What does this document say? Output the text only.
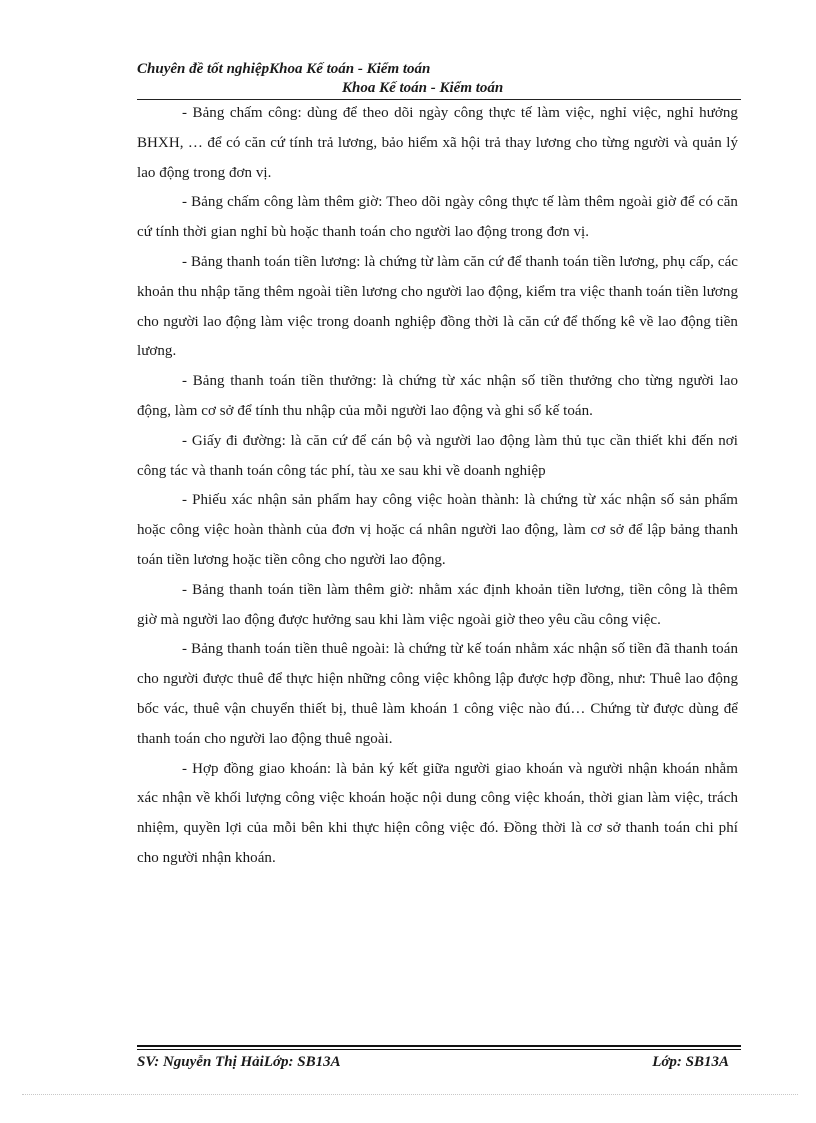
Chuyên đề tốt nghiệpKhoa Kế toán - Kiểm toán
Khoa Kế toán - Kiểm toán

- Bảng chấm công: dùng để theo dõi ngày công thực tế làm việc, nghỉ việc, nghỉ hưởng BHXH, … để có căn cứ tính trả lương, bảo hiểm xã hội trả thay lương cho từng người và quản lý lao động trong đơn vị.

- Bảng chấm công làm thêm giờ: Theo dõi ngày công thực tế làm thêm ngoài giờ để có căn cứ tính thời gian nghỉ bù hoặc thanh toán cho người lao động trong đơn vị.

- Bảng thanh toán tiền lương: là chứng từ làm căn cứ để thanh toán tiền lương, phụ cấp, các khoản thu nhập tăng thêm ngoài tiền lương cho người lao động, kiểm tra việc thanh toán tiền lương cho người lao động làm việc trong doanh nghiệp đồng thời là căn cứ để thống kê về lao động tiền lương.

- Bảng thanh toán tiền thưởng: là chứng từ xác nhận số tiền thưởng cho từng người lao động, làm cơ sở để tính thu nhập của mỗi người lao động và ghi sổ kế toán.

- Giấy đi đường: là căn cứ để cán bộ và người lao động làm thủ tục cần thiết khi đến nơi công tác và thanh toán công tác phí, tàu xe sau khi về doanh nghiệp

- Phiếu xác nhận sản phẩm hay công việc hoàn thành: là chứng từ xác nhận số sản phẩm hoặc công việc hoàn thành của đơn vị hoặc cá nhân người lao động, làm cơ sở để lập bảng thanh toán tiền lương hoặc tiền công cho người lao động.

- Bảng thanh toán tiền làm thêm giờ: nhằm xác định khoản tiền lương, tiền công là thêm giờ mà người lao động được hưởng sau khi làm việc ngoài giờ theo yêu cầu công việc.

- Bảng thanh toán tiền thuê ngoài: là chứng từ kế toán nhằm xác nhận số tiền đã thanh toán cho người được thuê để thực hiện những công việc không lập được hợp đồng, như: Thuê lao động bốc vác, thuê vận chuyển thiết bị, thuê làm khoán 1 công việc nào đú… Chứng từ được dùng để thanh toán cho người lao động thuê ngoài.

- Hợp đồng giao khoán: là bản ký kết giữa người giao khoán và người nhận khoán nhằm xác nhận về khối lượng công việc khoán hoặc nội dung công việc khoán, thời gian làm việc, trách nhiệm, quyền lợi của mỗi bên khi thực hiện công việc đó. Đồng thời là cơ sở thanh toán chi phí cho người nhận khoán.

SV: Nguyễn Thị HảiLớp: SB13A	Lớp: SB13A
